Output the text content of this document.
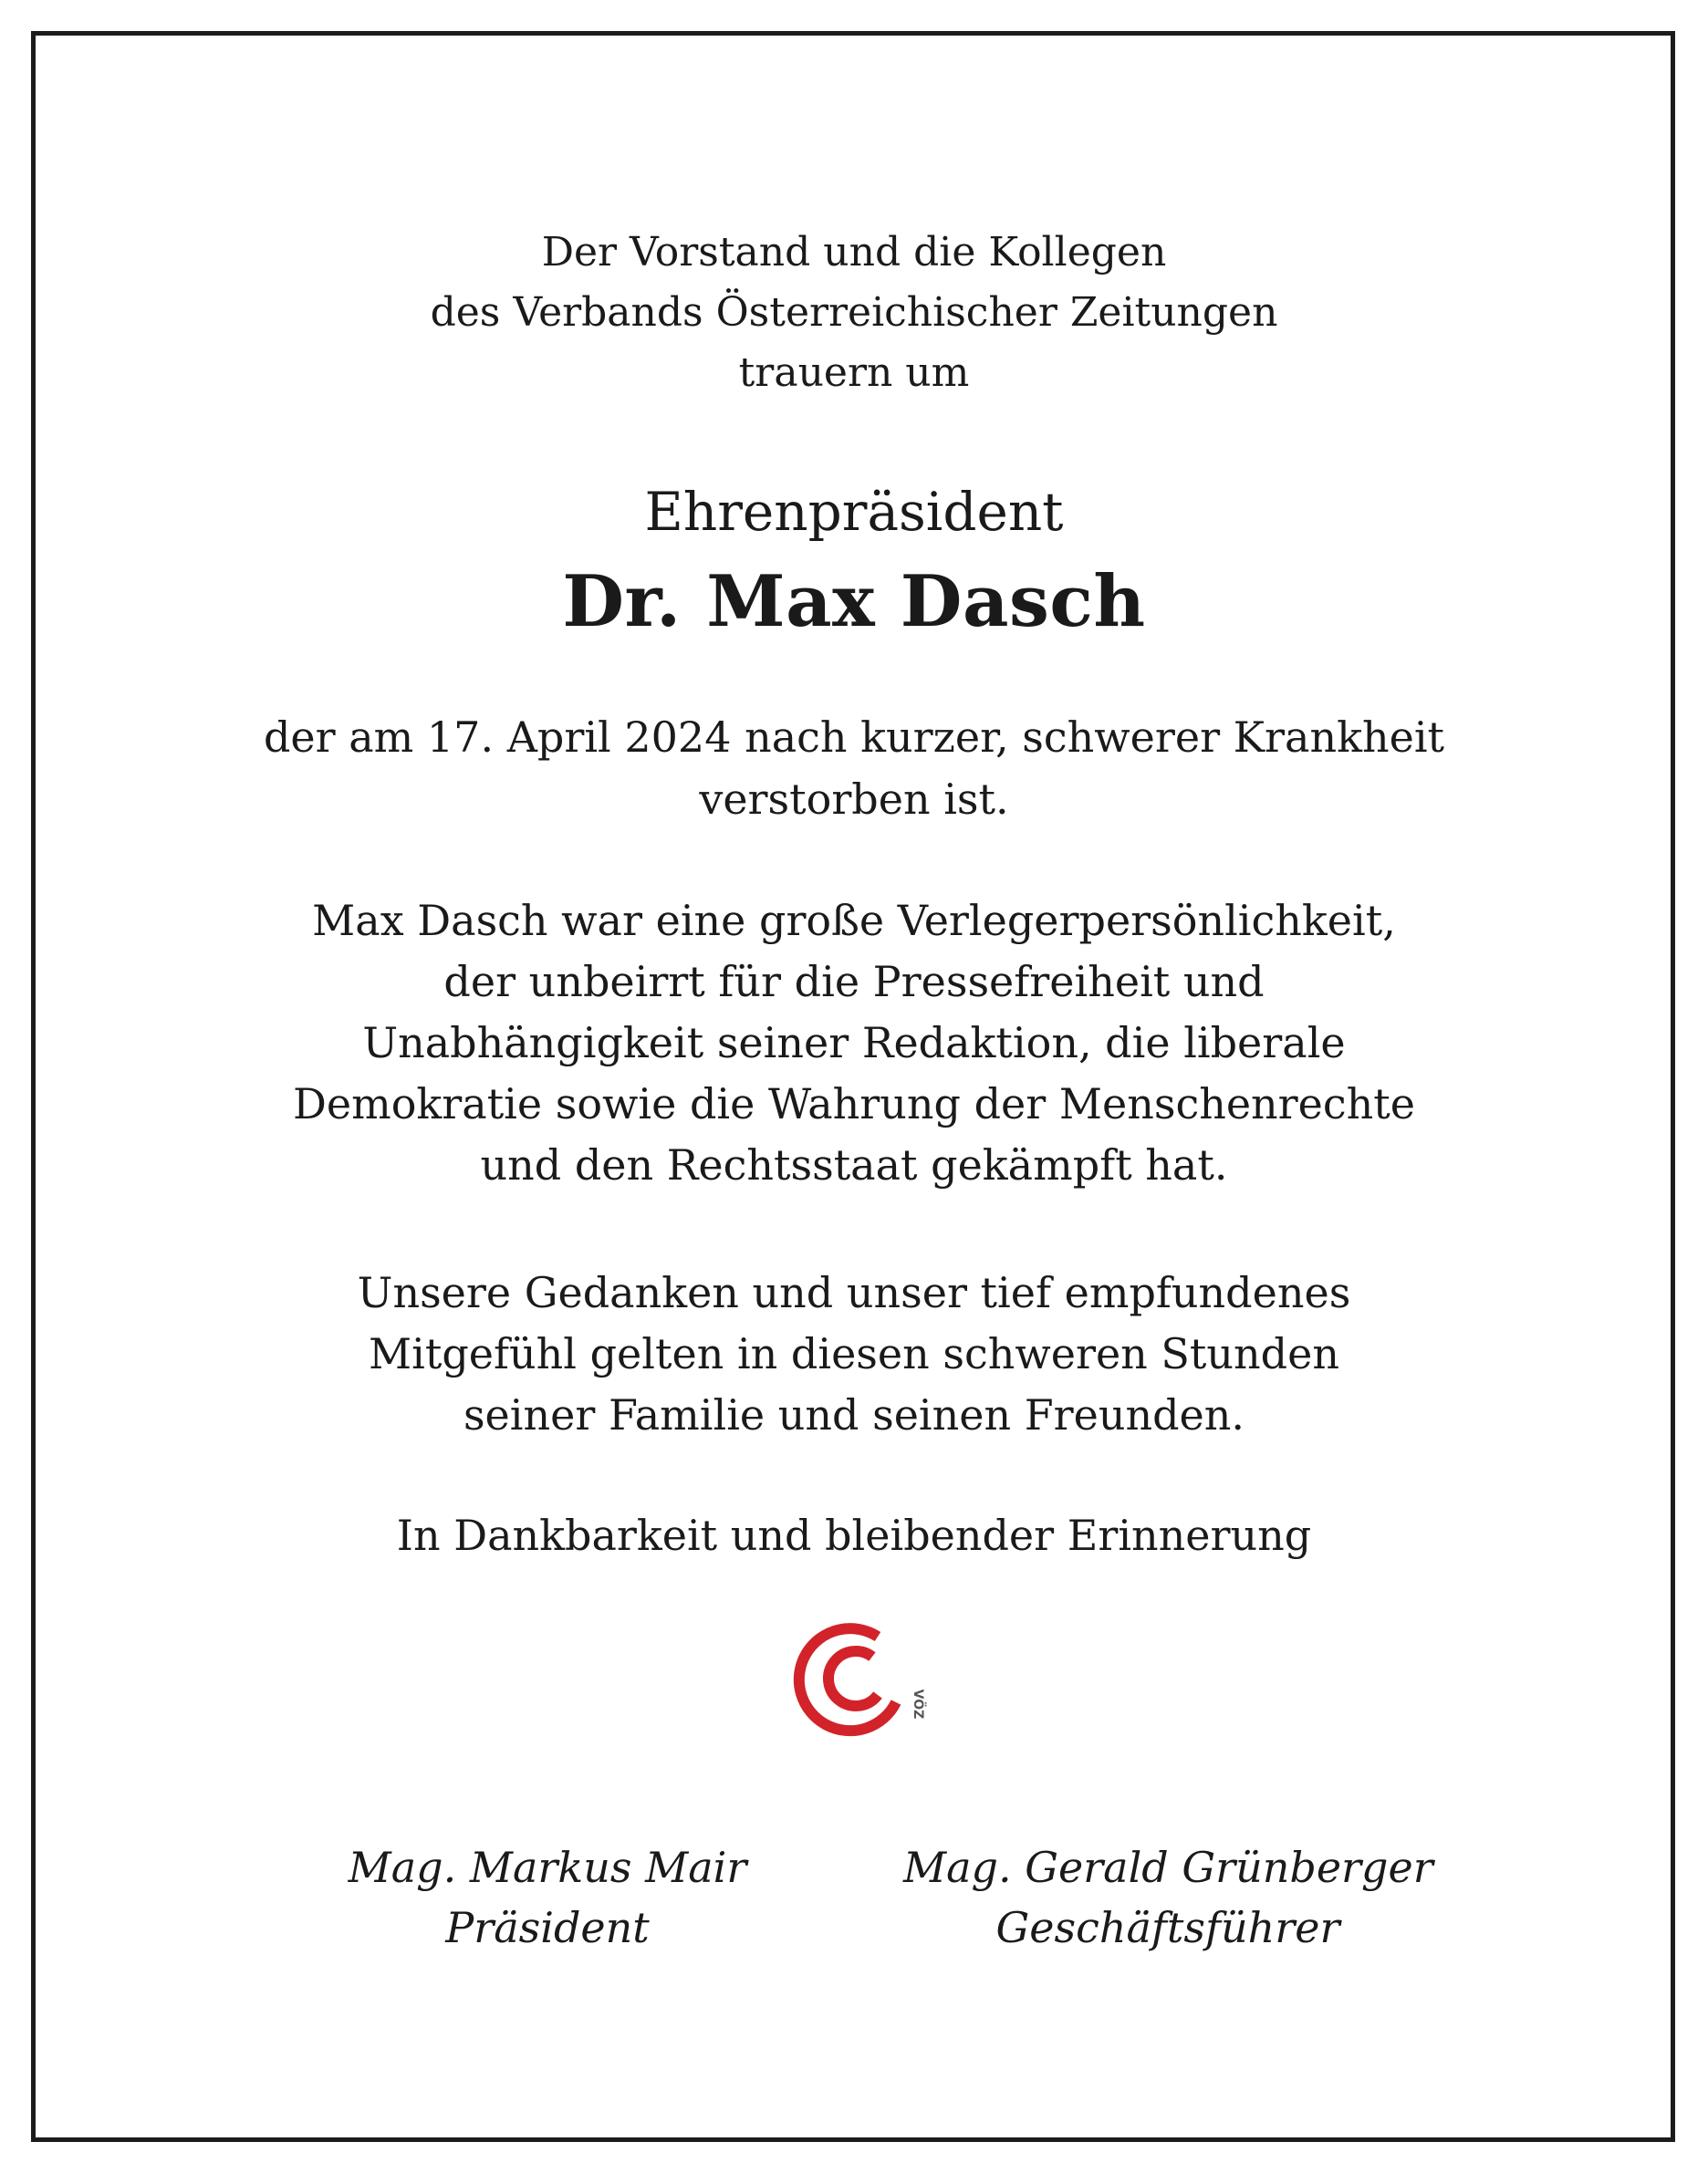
Der Vorstand und die Kollegen
des Verbands Österreichischer Zeitungen
trauern um
Ehrenpräsident
Dr. Max Dasch
der am 17. April 2024 nach kurzer, schwerer Krankheit
verstorben ist.
Max Dasch war eine große Verlegerpersönlichkeit,
der unbeirrt für die Pressefreiheit und
Unabhängigkeit seiner Redaktion, die liberale
Demokratie sowie die Wahrung der Menschenrechte
und den Rechtsstaat gekämpft hat.
Unsere Gedanken und unser tief empfundenes
Mitgefühl gelten in diesen schweren Stunden
seiner Familie und seinen Freunden.
In Dankbarkeit und bleibender Erinnerung
VÖZ
Mag. Markus Mair
Präsident
Mag. Gerald Grünberger
Geschäftsführer
